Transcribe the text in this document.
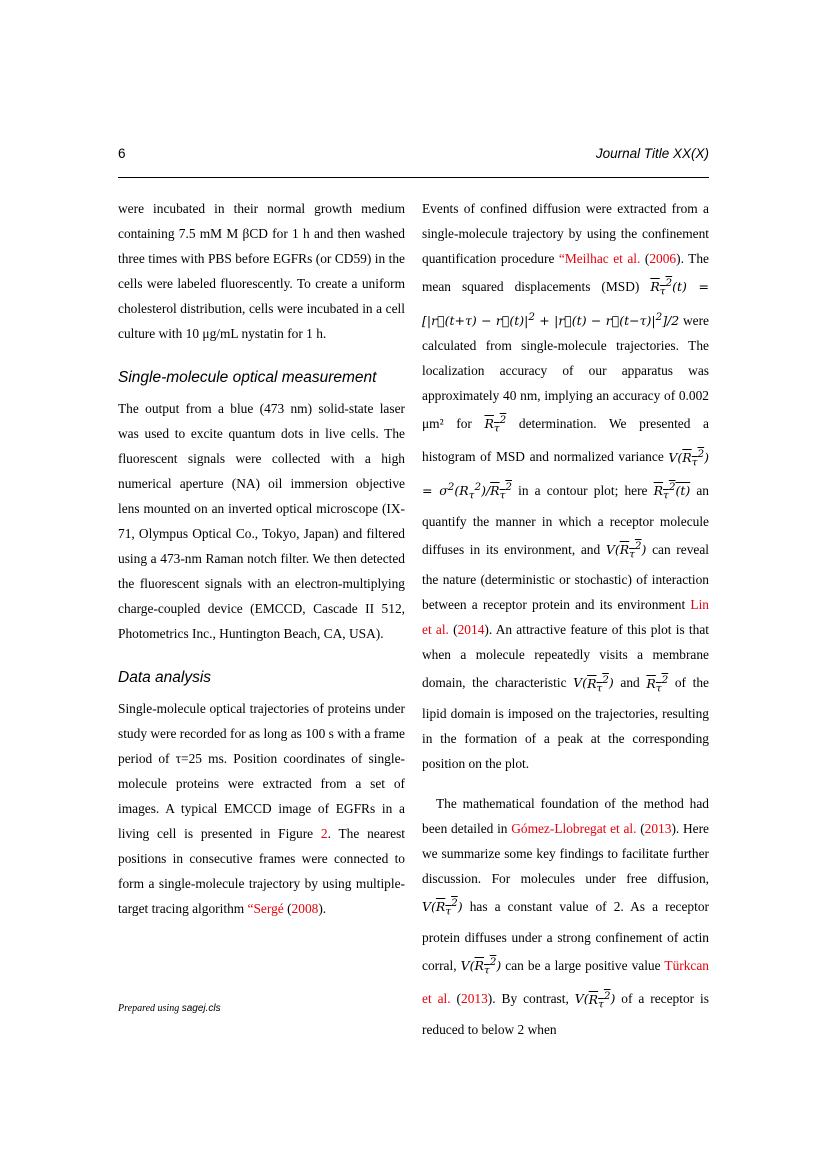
6	Journal Title XX(X)

were incubated in their normal growth medium containing 7.5 mM M βCD for 1 h and then washed three times with PBS before EGFRs (or CD59) in the cells were labeled fluorescently. To create a uniform cholesterol distribution, cells were incubated in a cell culture with 10 μg/mL nystatin for 1 h.

Single-molecule optical measurement

The output from a blue (473 nm) solid-state laser was used to excite quantum dots in live cells. The fluorescent signals were collected with a high numerical aperture (NA) oil immersion objective lens mounted on an inverted optical microscope (IX-71, Olympus Optical Co., Tokyo, Japan) and filtered using a 473-nm Raman notch filter. We then detected the fluorescent signals with an electron-multiplying charge-coupled device (EMCCD, Cascade II 512, Photometrics Inc., Huntington Beach, CA, USA).

Data analysis

Single-molecule optical trajectories of proteins under study were recorded for as long as 100 s with a frame period of τ=25 ms. Position coordinates of single-molecule proteins were extracted from a set of images. A typical EMCCD image of EGFRs in a living cell is presented in Figure 2. The nearest positions in consecutive frames were connected to form a single-molecule trajectory by using multiple-target tracing algorithm “Sergé (2008).

Events of confined diffusion were extracted from a single-molecule trajectory by using the confinement quantification procedure “Meilhac et al. (2006). The mean squared displacements (MSD) $R_\tau^2(t)$ = [|r⃗(t+τ) − $r⃗(t)|^2$ + |r⃗(t) − $r⃗(t-\tau)|^2]/2$ were calculated from single-molecule trajectories. The localization accuracy of our apparatus was approximately 40 nm, implying an accuracy of 0.002 μm² for $R_\tau^2$ determination. We presented a histogram of MSD and normalized variance $V(R_\tau^2) = \sigma^2(R_\tau^2)/R_\tau^2$ in a contour plot; here $R_\tau^2(t)$ an quantify the manner in which a receptor molecule diffuses in its environment, and $V(R_\tau^2)$ can reveal the nature (deterministic or stochastic) of interaction between a receptor protein and its environment Lin et al. (2014). An attractive feature of this plot is that when a molecule repeatedly visits a membrane domain, the characteristic $V(R_\tau^2)$ and $R_\tau^2$ of the lipid domain is imposed on the trajectories, resulting in the formation of a peak at the corresponding position on the plot.

The mathematical foundation of the method had been detailed in Gómez-Llobregat et al. (2013). Here we summarize some key findings to facilitate further discussion. For molecules under free diffusion, $V(R_\tau^2)$ has a constant value of 2. As a receptor protein diffuses under a strong confinement of actin corral, $V(R_\tau^2)$ can be a large positive value Türkcan et al. (2013). By contrast, $V(R_\tau^2)$ of a receptor is reduced to below 2 when

Prepared using sagej.cls
